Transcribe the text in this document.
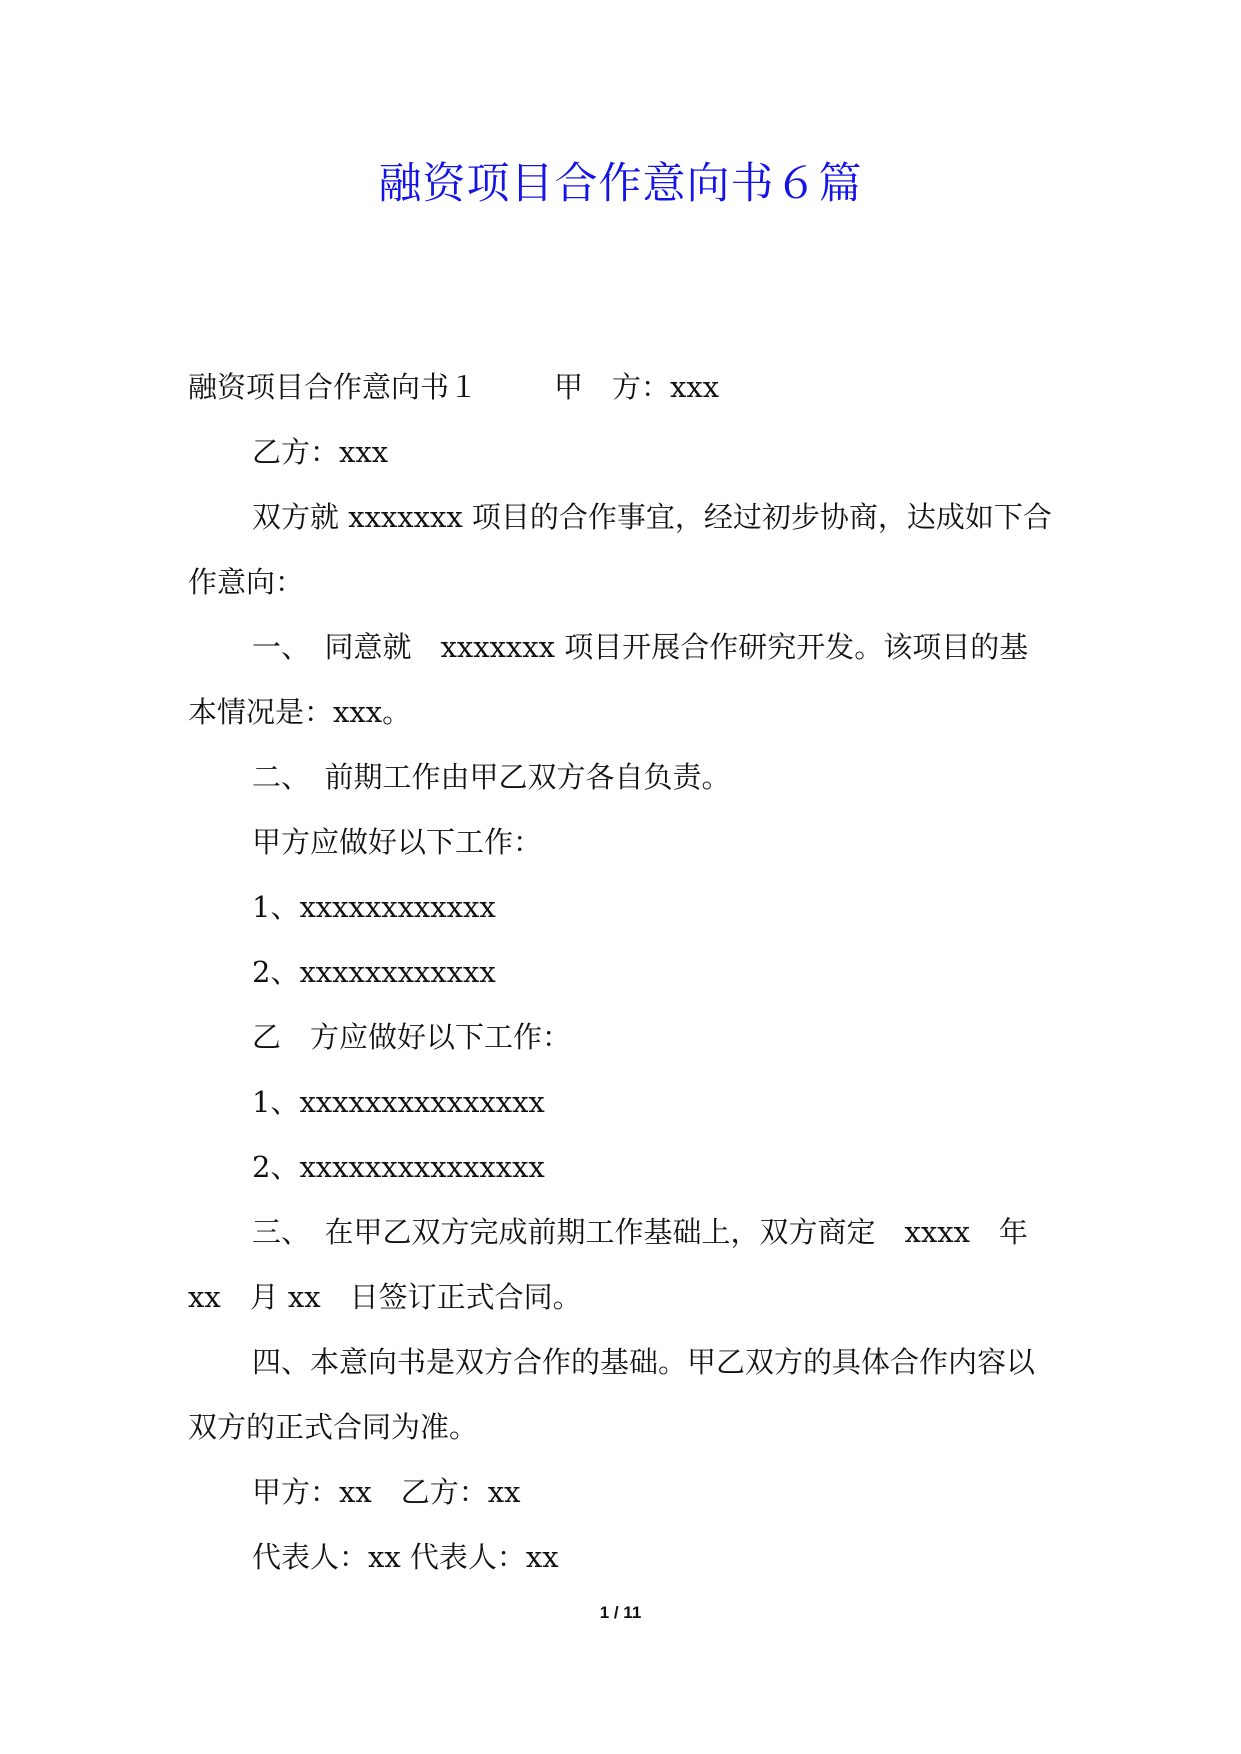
融资项目合作意向书６篇

融资项目合作意向书１	甲　方：xxx

乙方：xxx

双方就 xxxxxxx 项目的合作事宜，经过初步协商，达成如下合作意向：

一、　同意就　xxxxxxx 项目开展合作研究开发。该项目的基本情况是：xxx。

二、　前期工作由甲乙双方各自负责。

甲方应做好以下工作：

1、xxxxxxxxxxxx

2、xxxxxxxxxxxx

乙　方应做好以下工作：

1、xxxxxxxxxxxxxxx

2、xxxxxxxxxxxxxxx

三、　在甲乙双方完成前期工作基础上，双方商定　xxxx　年　xx　月 xx　日签订正式合同。

四、本意向书是双方合作的基础。甲乙双方的具体合作内容以　双方的正式合同为准。

甲方：xx　乙方：xx

代表人：xx 代表人：xx

1 / 11
